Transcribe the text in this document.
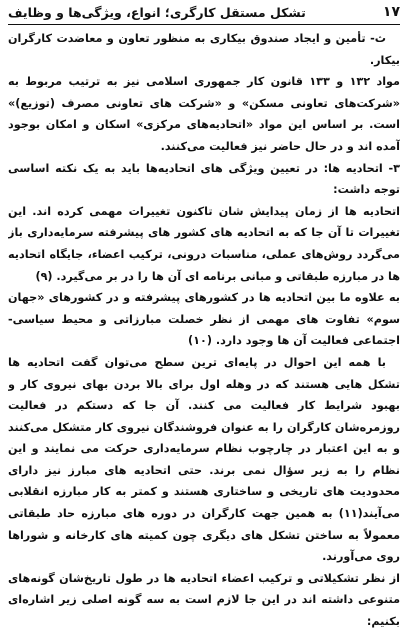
تشکل مستقل کارگری؛ انواع، ویژگی‌ها و وظایف	۱۷

ث- تأمین و ایجاد صندوق بیکاری به منظور تعاون و معاضدت کارگران بیکار.

مواد ۱۳۲ و ۱۳۳ قانون کار جمهوری اسلامی نیز به ترتیب مربوط به «شرکت‌های تعاونی مسکن» و «شرکت های تعاونی مصرف (توزیع)» است. بر اساس این مواد «اتحادیه‌های مرکزی» اسکان و امکان بوجود آمده اند و در حال حاضر نیز فعالیت می‌کنند.

۳- اتحادیه ها: در تعیین ویژگی های اتحادیه‌ها باید به یک نکته اساسی توجه داشت:

اتحادیه ها از زمان پیدایش شان تاکنون تغییرات مهمی کرده اند. این تغییرات تا آن جا که به اتحادیه های کشور های پیشرفته سرمایه‌داری باز می‌گردد روش‌های عملی، مناسبات درونی، ترکیب اعضاء، جایگاه اتحادیه ها در مبارزه طبقاتی و مبانی برنامه ای آن ها را در بر می‌گیرد. (۹)

به علاوه ما بین اتحادیه ها در کشورهای پیشرفته و در کشورهای «جهان سوم» تفاوت های مهمی از نظر خصلت مبارزاتی و محیط سیاسی-اجتماعی فعالیت آن ها وجود دارد. (۱۰)

با همه این احوال در پایه‌ای ترین سطح می‌توان گفت اتحادیه ها تشکل هایی هستند که در وهله اول برای بالا بردن بهای نیروی کار و بهبود شرایط کار فعالیت می کنند. آن جا که دستکم در فعالیت روزمره‌شان کارگران را به عنوان فروشندگان نیروی کار متشکل می‌کنند و به این اعتبار در چارچوب نظام سرمایه‌داری حرکت می نمایند و این نظام را به زیر سؤال نمی برند. حتی اتحادیه های مبارز نیز دارای محدودیت های تاریخی و ساختاری هستند و کمتر به کار مبارزه انقلابی می‌آیند(۱۱) به همین جهت کارگران در دوره های مبارزه حاد طبقاتی معمولاً به ساختن تشکل های دیگری چون کمیته های کارخانه و شوراها روی می‌آورند.

از نظر تشکیلاتی و ترکیب اعضاء اتحادیه ها در طول تاریخ‌شان گونه‌های متنوعی داشته اند در این جا لازم است به سه گونه اصلی زیر اشاره‌ای بکنیم:
